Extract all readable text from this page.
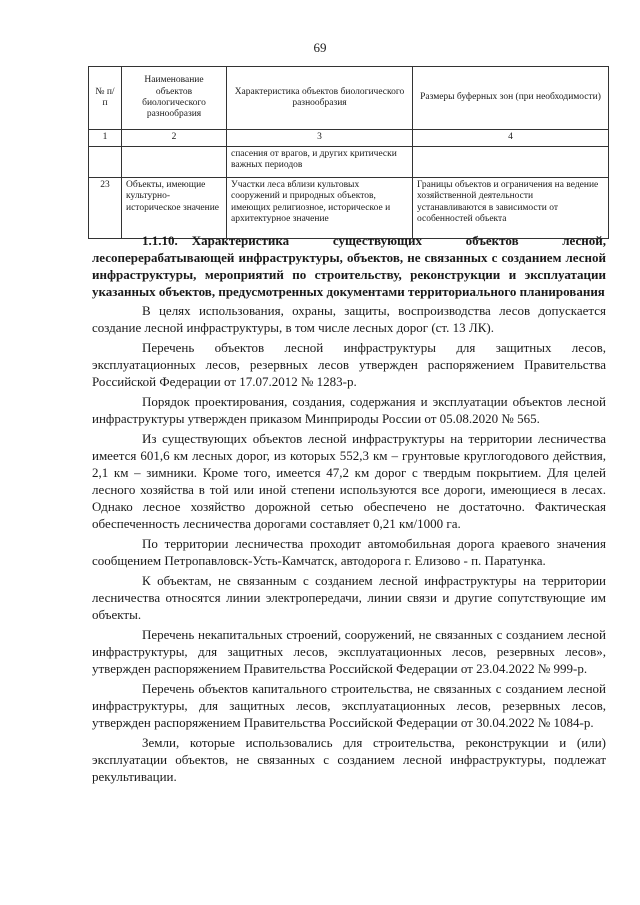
69
№ п/п	Наименование объектов биологического разнообразия	Характеристика объектов биологического разнообразия	Размеры буферных зон (при необходимости)
1	2	3	4
		спасения от врагов, и других критически важных периодов	
23	Объекты, имеющие культурно-историческое значение	Участки леса вблизи культовых сооружений и природных объектов, имеющих религиозное, историческое и архитектурное значение	Границы объектов и ограничения на ведение хозяйственной деятельности устанавливаются в зависимости от особенностей объекта

1.1.10. Характеристика существующих объектов лесной, лесоперерабатывающей инфраструктуры, объектов, не связанных с созданием лесной инфраструктуры, мероприятий по строительству, реконструкции и эксплуатации указанных объектов, предусмотренных документами территориального планирования

В целях использования, охраны, защиты, воспроизводства лесов допускается создание лесной инфраструктуры, в том числе лесных дорог (ст. 13 ЛК).

Перечень объектов лесной инфраструктуры для защитных лесов, эксплуатационных лесов, резервных лесов утвержден распоряжением Правительства Российской Федерации от 17.07.2012 № 1283-р.

Порядок проектирования, создания, содержания и эксплуатации объектов лесной инфраструктуры утвержден приказом Минприроды России от 05.08.2020 № 565.

Из существующих объектов лесной инфраструктуры на территории лесничества имеется 601,6 км лесных дорог, из которых 552,3 км – грунтовые круглогодового действия, 2,1 км – зимники. Кроме того, имеется 47,2 км дорог с твердым покрытием. Для целей лесного хозяйства в той или иной степени используются все дороги, имеющиеся в лесах. Однако лесное хозяйство дорожной сетью обеспечено не достаточно. Фактическая обеспеченность лесничества дорогами составляет 0,21 км/1000 га.

По территории лесничества проходит автомобильная дорога краевого значения сообщением Петропавловск-Усть-Камчатск, автодорога г. Елизово - п. Паратунка.

К объектам, не связанным с созданием лесной инфраструктуры на территории лесничества относятся линии электропередачи, линии связи и другие сопутствующие им объекты.

Перечень некапитальных строений, сооружений, не связанных с созданием лесной инфраструктуры, для защитных лесов, эксплуатационных лесов, резервных лесов», утвержден распоряжением Правительства Российской Федерации от 23.04.2022 № 999-р.

Перечень объектов капитального строительства, не связанных с созданием лесной инфраструктуры, для защитных лесов, эксплуатационных лесов, резервных лесов, утвержден распоряжением Правительства Российской Федерации от 30.04.2022 № 1084-р.

Земли, которые использовались для строительства, реконструкции и (или) эксплуатации объектов, не связанных с созданием лесной инфраструктуры, подлежат рекультивации.
